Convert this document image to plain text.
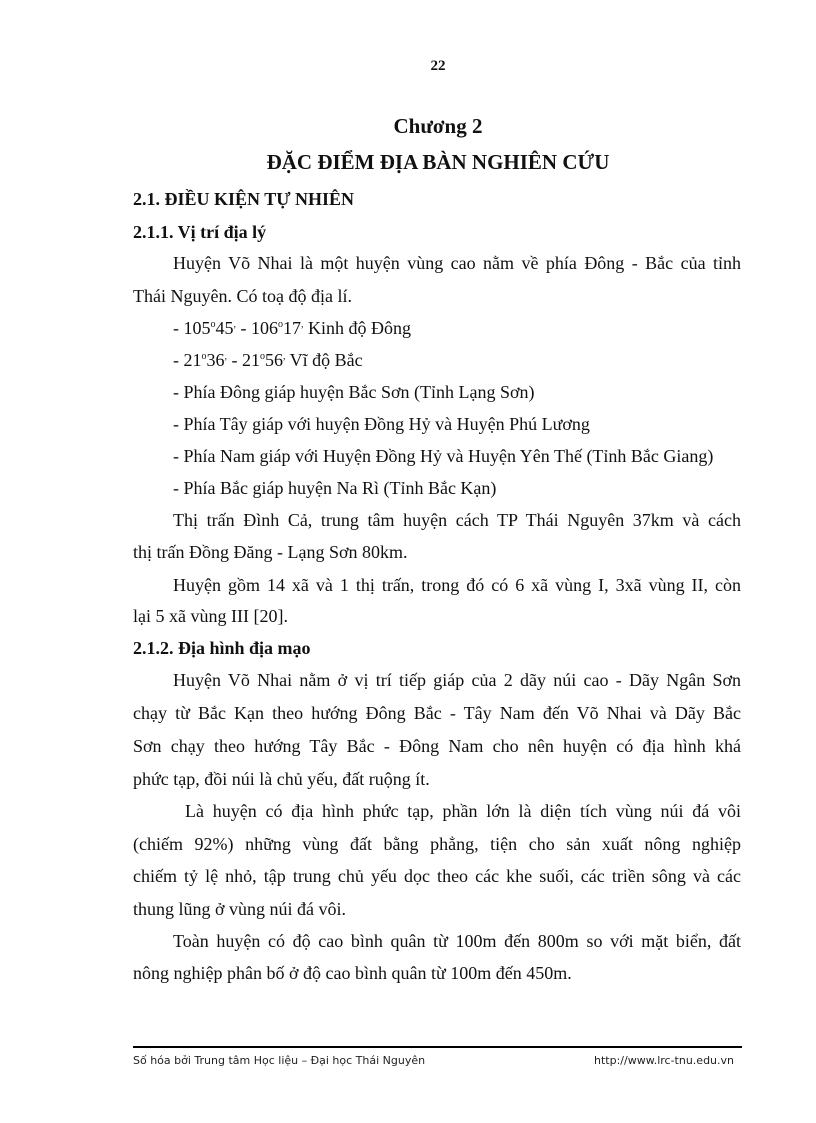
22
Chương 2
ĐẶC ĐIỂM ĐỊA BÀN NGHIÊN CỨU
2.1. ĐIỀU KIỆN TỰ NHIÊN
2.1.1. Vị trí địa lý

Huyện Võ Nhai là một huyện vùng cao nằm về phía Đông - Bắc của tỉnh

Thái Nguyên. Có toạ độ địa lí.

- 105$^o$45, - 106$^o$17, Kinh độ Đông

- 21$^o$36, - 21$^o$56, Vĩ độ Bắc

- Phía Đông giáp huyện Bắc Sơn (Tỉnh Lạng Sơn)

- Phía Tây giáp với huyện Đồng Hỷ và Huyện Phú Lương

- Phía Nam giáp với Huyện Đồng Hỷ và Huyện Yên Thế (Tỉnh Bắc Giang)

- Phía Bắc giáp huyện Na Rì (Tỉnh Bắc Kạn)

Thị trấn Đình Cả, trung tâm huyện cách TP Thái Nguyên 37km và cách

thị trấn Đồng Đăng - Lạng Sơn 80km.

Huyện gồm 14 xã và 1 thị trấn, trong đó có 6 xã vùng I, 3xã vùng II, còn

lại 5 xã vùng III [20].

2.1.2. Địa hình địa mạo

Huyện Võ Nhai nằm ở vị trí tiếp giáp của 2 dãy núi cao - Dãy Ngân Sơn

chạy từ Bắc Kạn theo hướng Đông Bắc - Tây Nam đến Võ Nhai và Dãy Bắc

Sơn chạy theo hướng Tây Bắc - Đông Nam cho nên huyện có địa hình khá

phức tạp, đồi núi là chủ yếu, đất ruộng ít.

Là huyện có địa hình phức tạp, phần lớn là diện tích vùng núi đá vôi

(chiếm 92%) những vùng đất bằng phẳng, tiện cho sản xuất nông nghiệp

chiếm tỷ lệ nhỏ, tập trung chủ yếu dọc theo các khe suối, các triền sông và các

thung lũng ở vùng núi đá vôi.

Toàn huyện có độ cao bình quân từ 100m đến 800m so với mặt biển, đất

nông nghiệp phân bố ở độ cao bình quân từ 100m đến 450m.

Số hóa bởi Trung tâm Học liệu – Đại học Thái Nguyên	http://www.lrc-tnu.edu.vn
